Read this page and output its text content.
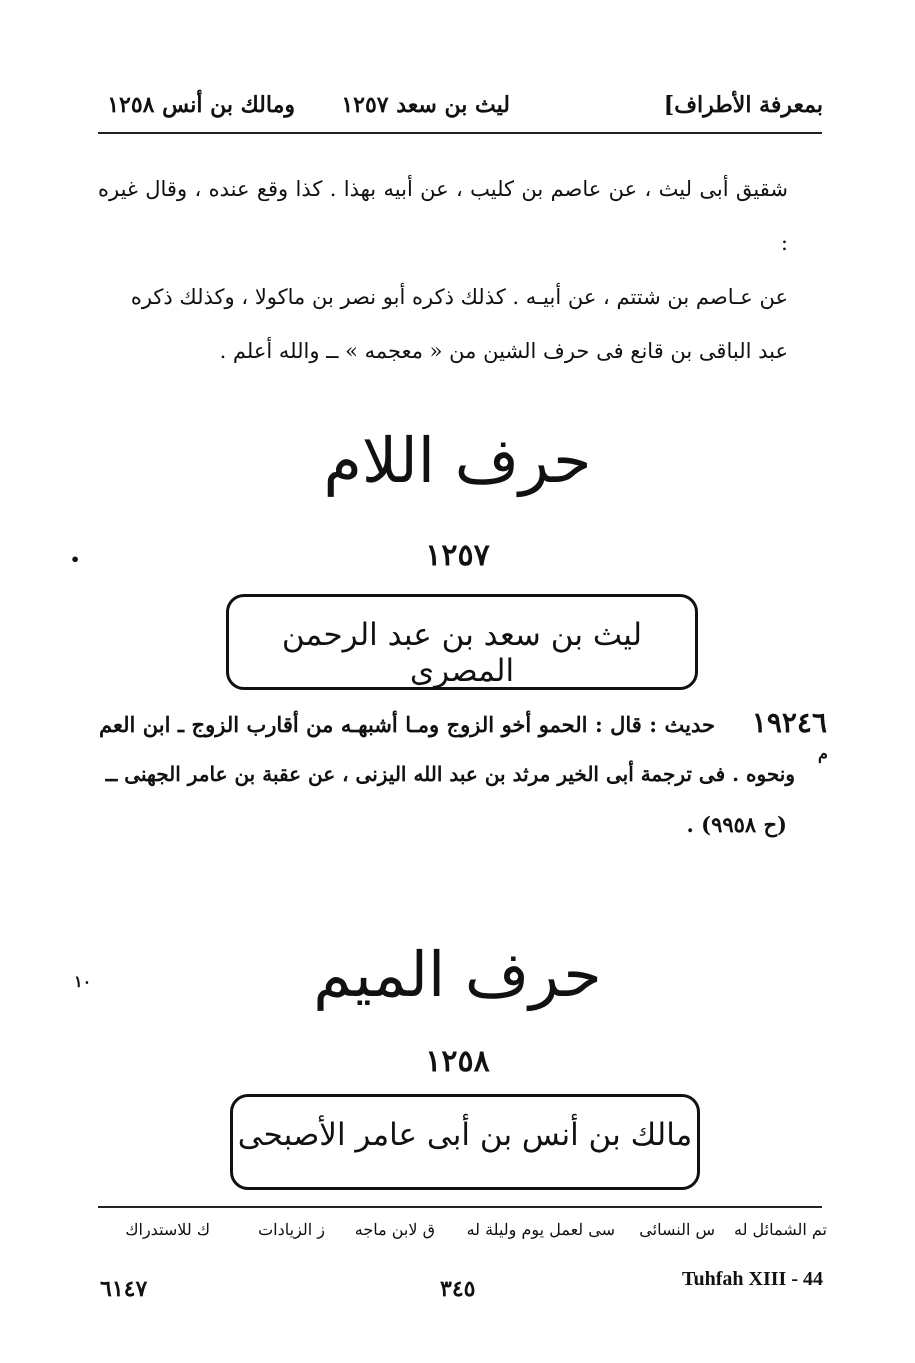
بمعرفة الأطراف]
ليث بن سعد ١٢٥٧
ومالك بن أنس ١٢٥٨
شقيق أبى ليث ، عن عاصم بن كليب ، عن أبيه بهذا . كذا وقع عنده ، وقال غيره :
عن عـاصم بن شتتم ، عن أبيـه . كذلك ذكره أبو نصر بن ماكولا ، وكذلك ذكره
عبد الباقى بن قانع فى حرف الشين من « معجمه » ــ والله أعلم .
حرف اللام
•	١٢٥٧
ليث بن سعد بن عبد الرحمن المصرى
١٩٢٤٦
حديث : قال : الحمو أخو الزوج ومـا أشبهـه من أقارب الزوج ـ ابن العم
م
ونحوه . فى ترجمة أبى الخير مرثد بن عبد الله اليزنى ، عن عقبة بن عامر الجهنى ــ
(ح ٩٩٥٨) .
١٠	حرف الميم
١٢٥٨
مالك بن أنس بن أبى عامر الأصبحى
تم الشمائل له
س النسائى
سى لعمل يوم وليلة له
ق لابن ماجه
ز الزيادات
ك للاستدراك
Tuhfah XIII - 44
٣٤٥
٦١٤٧
